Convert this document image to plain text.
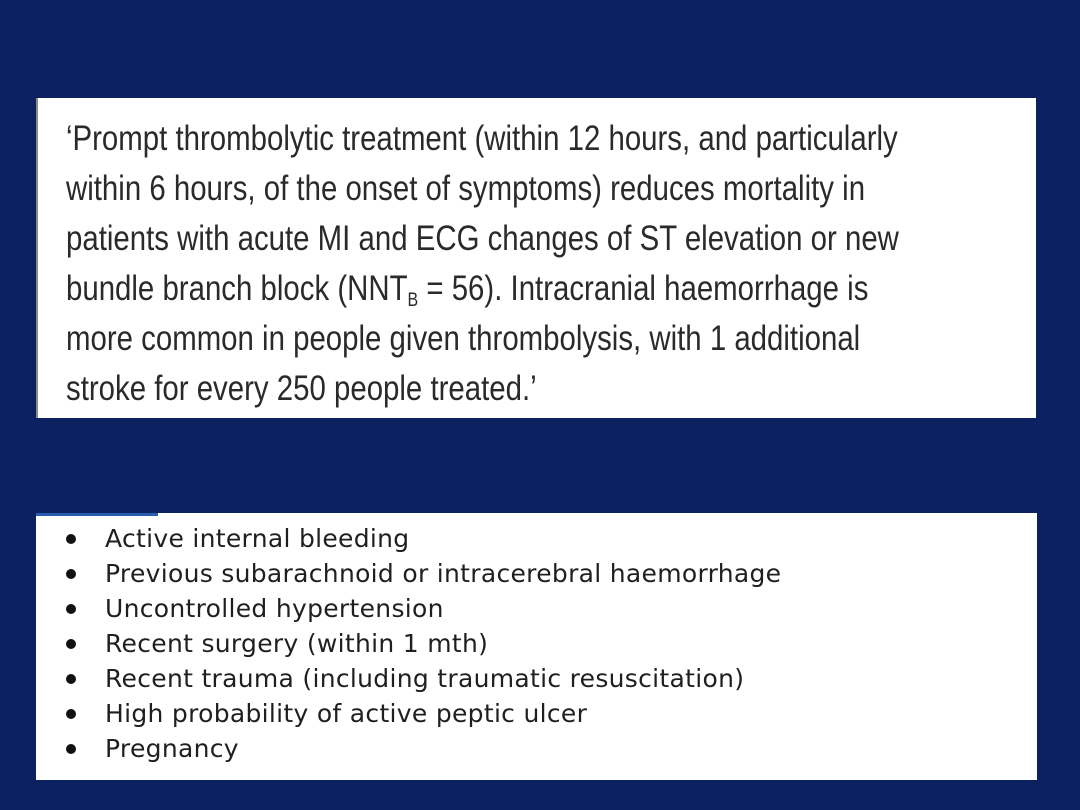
‘Prompt thrombolytic treatment (within 12 hours, and particularly
within 6 hours, of the onset of symptoms) reduces mortality in
patients with acute MI and ECG changes of ST elevation or new
bundle branch block $(NNT_B = 56)$. Intracranial haemorrhage is
more common in people given thrombolysis, with 1 additional
stroke for every 250 people treated.’
Active internal bleeding
Previous subarachnoid or intracerebral haemorrhage
Uncontrolled hypertension
Recent surgery (within 1 mth)
Recent trauma (including traumatic resuscitation)
High probability of active peptic ulcer
Pregnancy
